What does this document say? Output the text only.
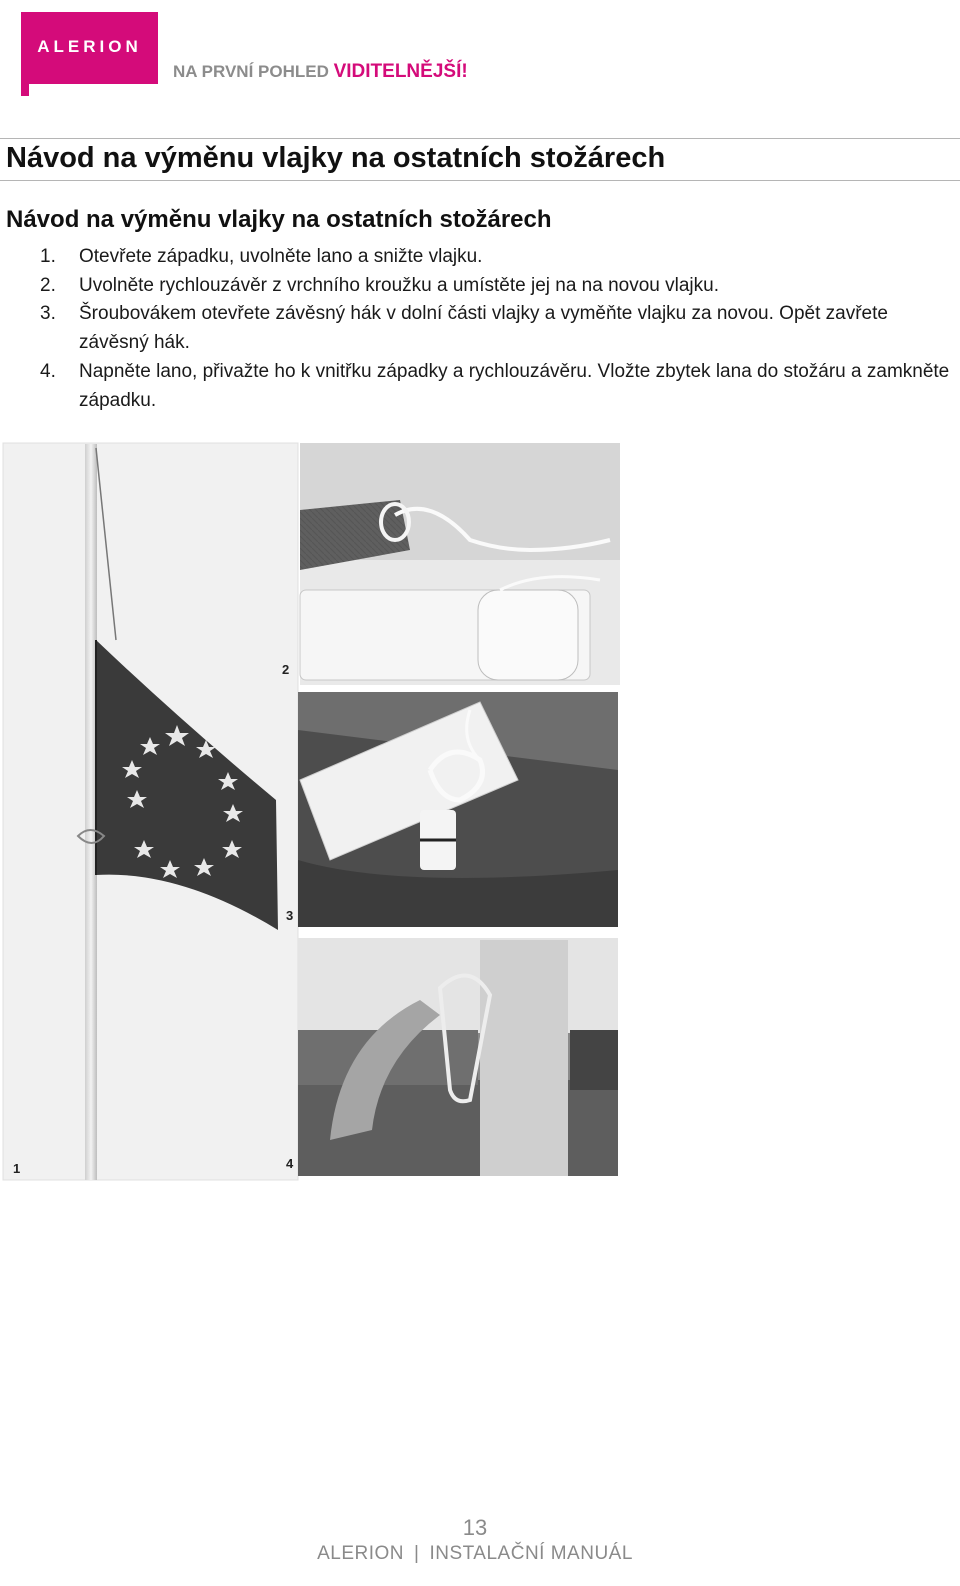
ALERION
NA PRVNÍ POHLED VIDITELNĚJŠÍ!
Návod na výměnu vlajky na ostatních stožárech
Návod na výměnu vlajky na ostatních stožárech
1. Otevřete západku, uvolněte lano a snižte vlajku.
2. Uvolněte rychlouzávěr z vrchního kroužku a umístěte jej na na novou vlajku.
3. Šroubovákem otevřete závěsný hák v dolní části vlajky a vyměňte vlajku za novou. Opět zavřete závěsný hák.
4. Napněte lano, přivažte ho k vnitřku západky a rychlouzávěru. Vložte zbytek lana do stožáru a zamkněte západku.
1
2
3
4
13
ALERION | INSTALAČNÍ MANUÁL
